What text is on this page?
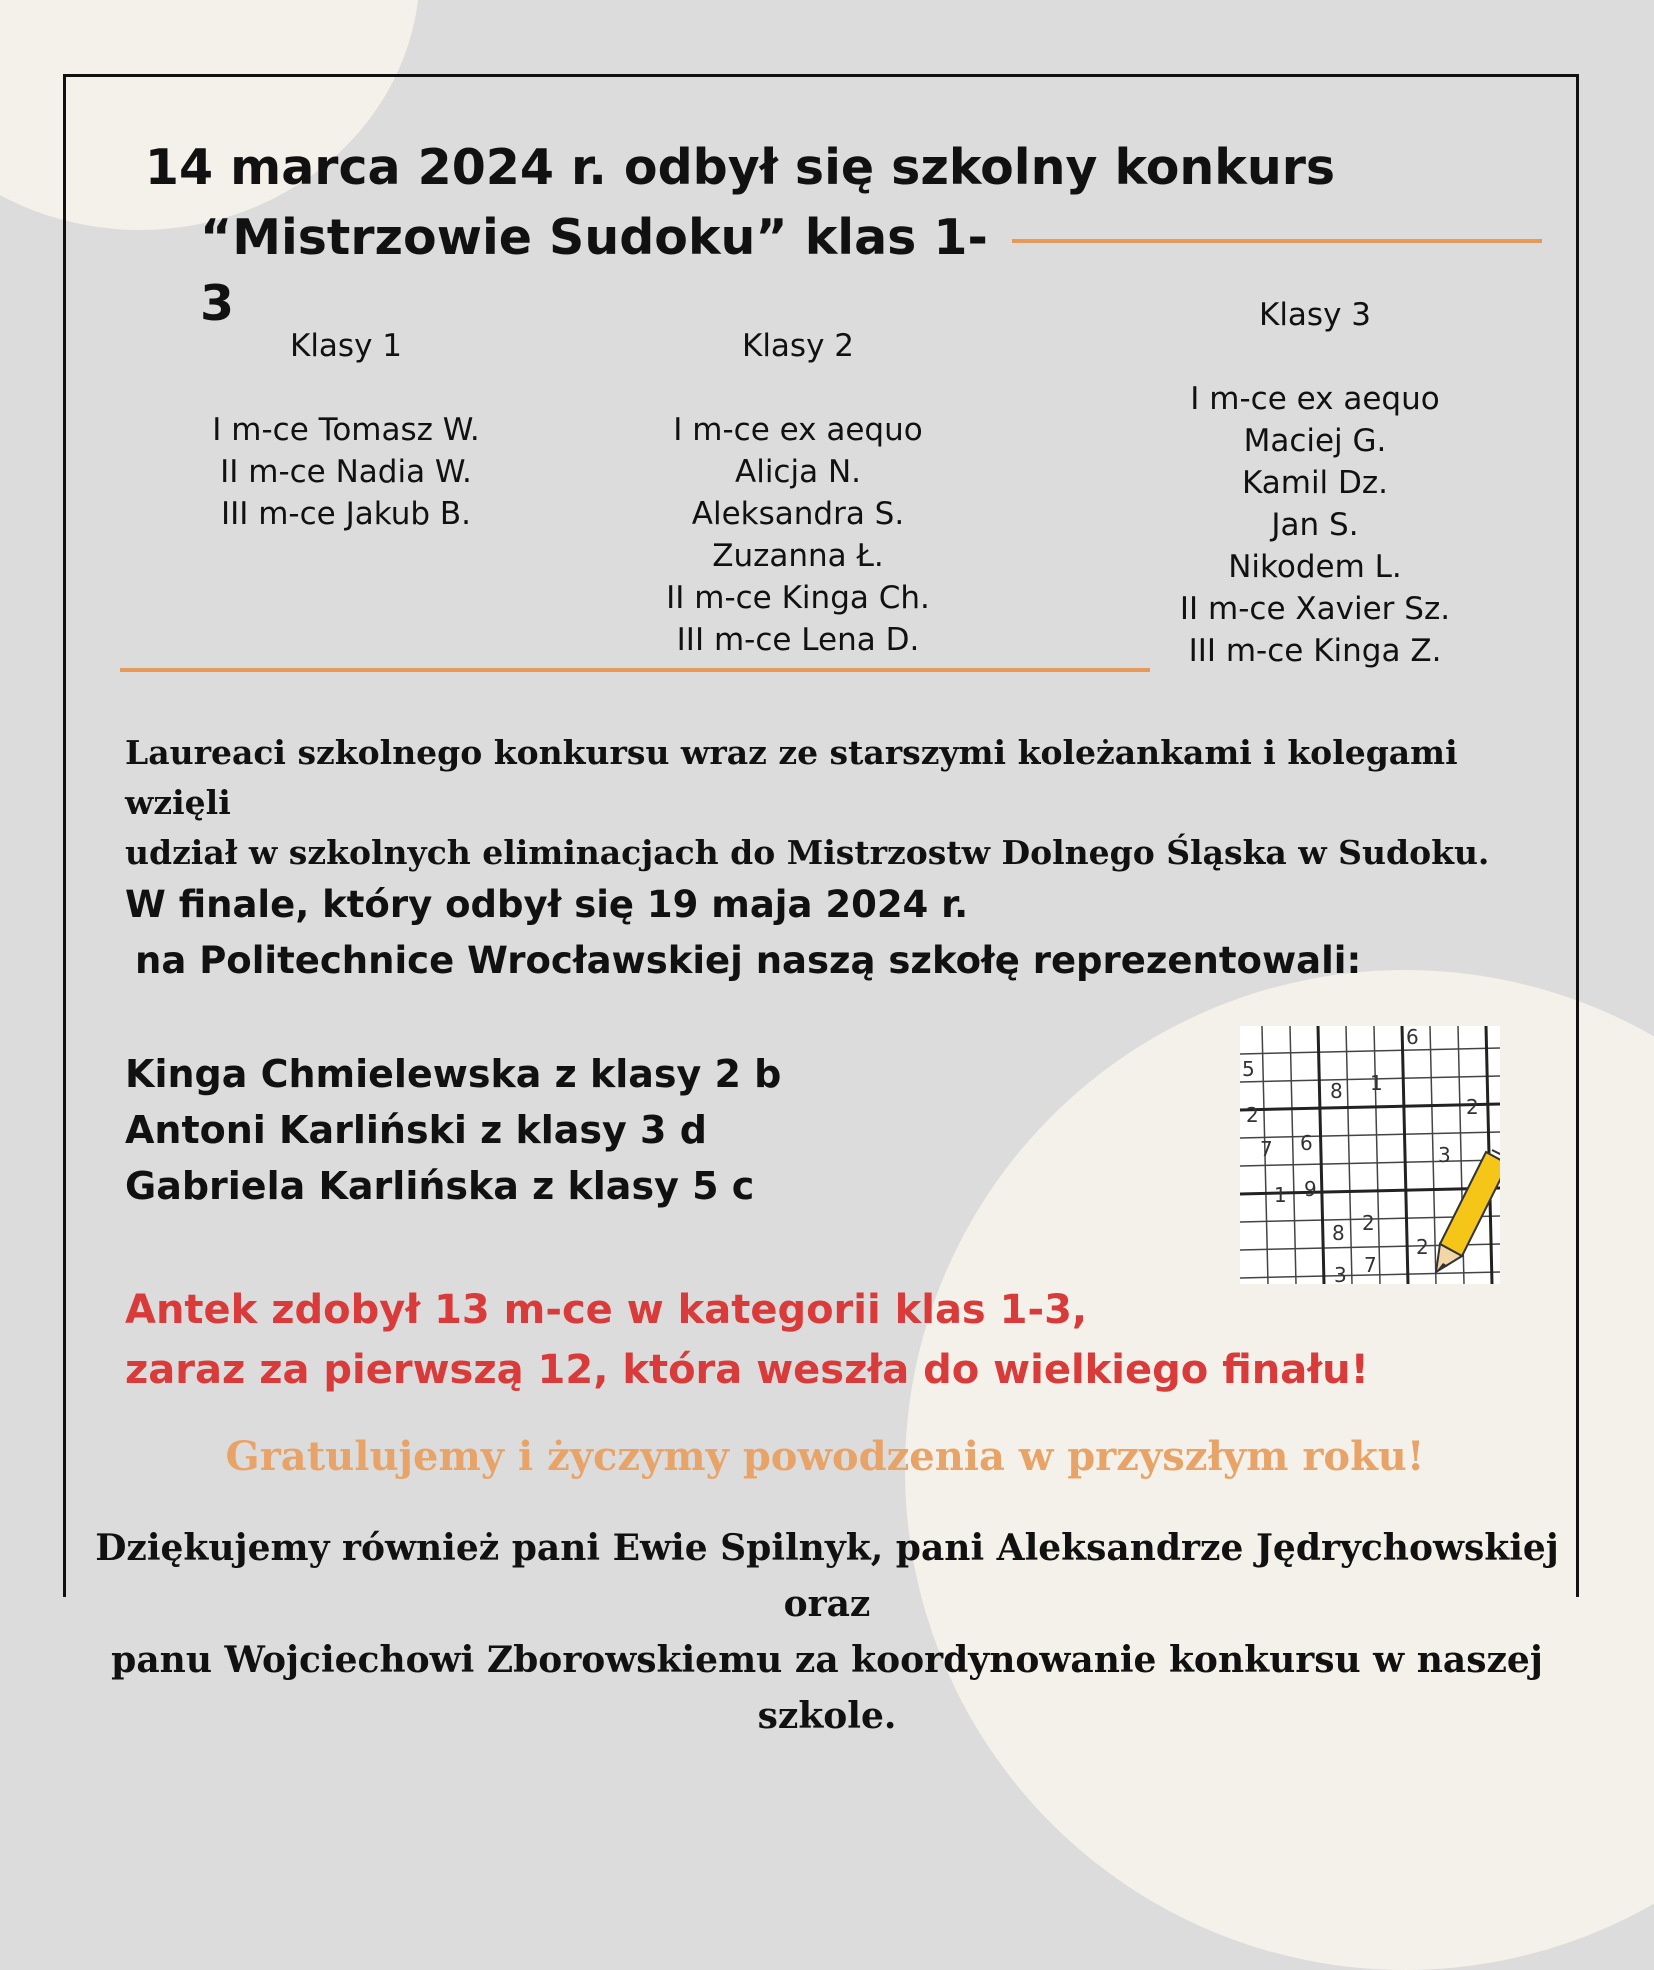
14 marca 2024 r. odbył się szkolny konkurs
“Mistrzowie Sudoku” klas 1-3
Klasy 1
I m-ce Tomasz W.
II m-ce Nadia W.
III m-ce Jakub B.
Klasy 2
I m-ce ex aequo
Alicja N.
Aleksandra S.
Zuzanna Ł.
II m-ce Kinga Ch.
III m-ce Lena D.
Klasy 3
I m-ce ex aequo
Maciej G.
Kamil Dz.
Jan S.
Nikodem L.
II m-ce Xavier Sz.
III m-ce Kinga Z.

Laureaci szkolnego konkursu wraz ze starszymi koleżankami i kolegami wzięli
udział w szkolnych eliminacjach do Mistrzostw Dolnego Śląska w Sudoku.

W finale, który odbył się 19 maja 2024 r.
na Politechnice Wrocławskiej naszą szkołę reprezentowali:

Kinga Chmielewska z klasy 2 b
Antoni Karliński z klasy 3 d
Gabriela Karlińska z klasy 5 c
6
5
8 1
2	2
7 6	3
1 9
8 2
2
3 7

Antek zdobył 13 m-ce w kategorii klas 1-3,
zaraz za pierwszą 12, która weszła do wielkiego finału!

Gratulujemy i życzymy powodzenia w przyszłym roku!

Dziękujemy również pani Ewie Spilnyk, pani Aleksandrze Jędrychowskiej oraz
panu Wojciechowi Zborowskiemu za koordynowanie konkursu w naszej szkole.
